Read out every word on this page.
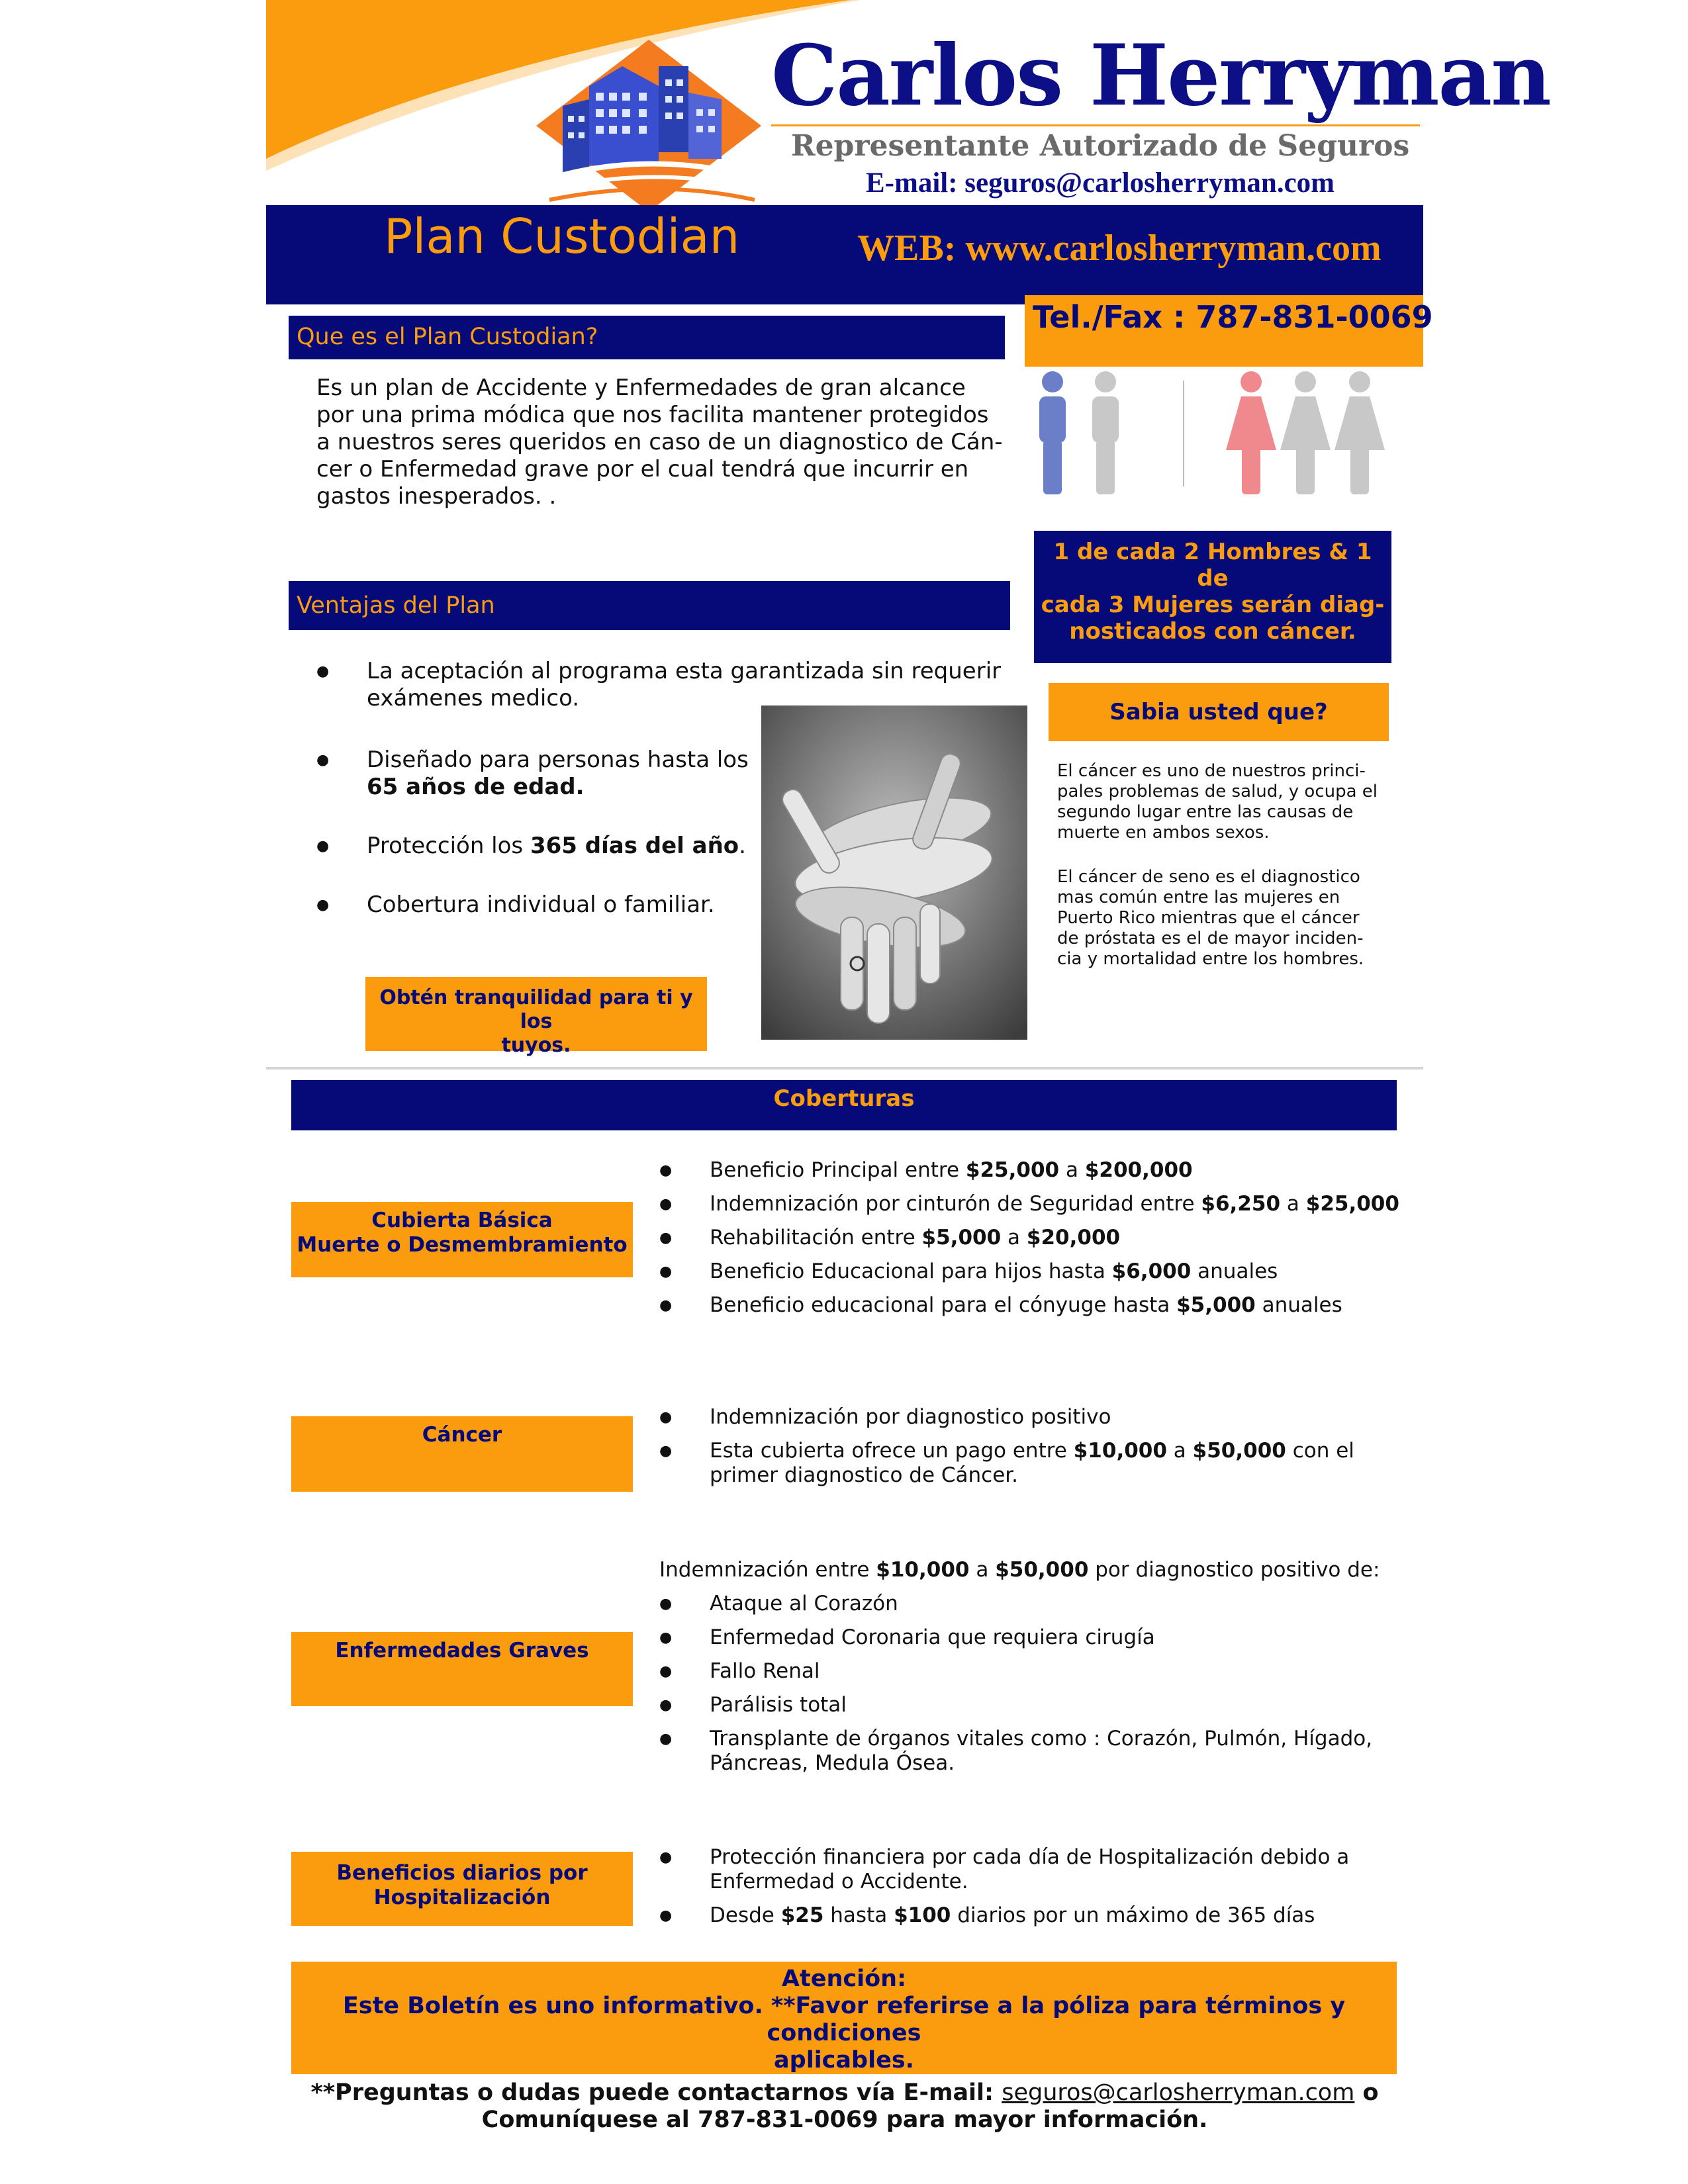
Carlos Herryman
Representante Autorizado de Seguros
E-mail: seguros@carlosherryman.com
Plan Custodian	WEB: www.carlosherryman.com
Tel./Fax : 787-831-0069
Que es el Plan Custodian?
Es un plan de Accidente y Enfermedades de gran alcance
por una prima módica que nos facilita mantener protegidos
a nuestros seres queridos en caso de un diagnostico de Cán-
cer o Enfermedad grave por el cual tendrá que incurrir en
gastos inesperados. .
1 de cada 2 Hombres & 1 de
cada 3 Mujeres serán diag-
nosticados con cáncer.
Ventajas del Plan
● La aceptación al programa esta garantizada sin requerir
exámenes medico.
● Diseñado para personas hasta los
65 años de edad.
● Protección los 365 días del año.
● Cobertura individual o familiar.
Obtén tranquilidad para ti y los
tuyos.
Sabia usted que?
El cáncer es uno de nuestros princi-
pales problemas de salud, y ocupa el
segundo lugar entre las causas de
muerte en ambos sexos.
El cáncer de seno es el diagnostico
mas común entre las mujeres en
Puerto Rico mientras que el cáncer
de próstata es el de mayor inciden-
cia y mortalidad entre los hombres.
Coberturas
Cubierta Básica
Muerte o Desmembramiento
● Beneficio Principal entre $25,000 a $200,000
● Indemnización por cinturón de Seguridad entre $6,250 a $25,000
● Rehabilitación entre $5,000 a $20,000
● Beneficio Educacional para hijos hasta $6,000 anuales
● Beneficio educacional para el cónyuge hasta $5,000 anuales
Cáncer
● Indemnización por diagnostico positivo
● Esta cubierta ofrece un pago entre $10,000 a $50,000 con el
primer diagnostico de Cáncer.
Enfermedades Graves
Indemnización entre $10,000 a $50,000 por diagnostico positivo de:
● Ataque al Corazón
● Enfermedad Coronaria que requiera cirugía
● Fallo Renal
● Parálisis total
● Transplante de órganos vitales como : Corazón, Pulmón, Hígado,
Páncreas, Medula Ósea.
Beneficios diarios por
Hospitalización
● Protección financiera por cada día de Hospitalización debido a
Enfermedad o Accidente.
● Desde $25 hasta $100 diarios por un máximo de 365 días
Atención:
Este Boletín es uno informativo. **Favor referirse a la póliza para términos y condiciones
aplicables.
**Preguntas o dudas puede contactarnos vía E-mail: seguros@carlosherryman.com o
Comuníquese al 787-831-0069 para mayor información.
